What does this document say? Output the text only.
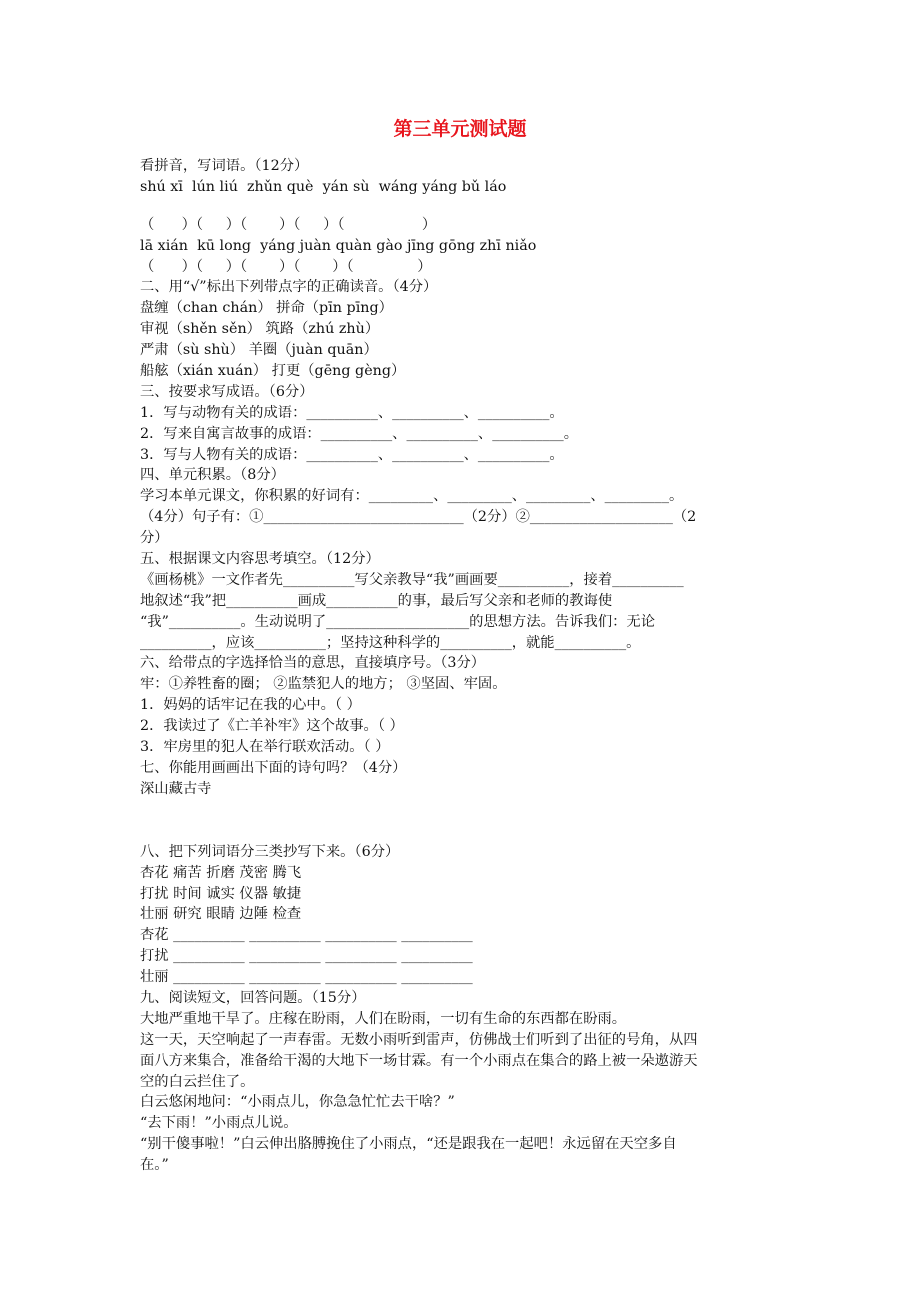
第三单元测试题
看拼音，写词语。（12分）
shú xī  lún liú  zhǔn què  yán sù  wáng yáng bǔ láo
（      ）（     ）（       ）（     ）（                 ）
lā xián  kū long  yáng juàn quàn gào jīng gōng zhī niǎo
（      ）（     ）（       ）（       ）（              ）
二、用“√”标出下列带点字的正确读音。（4分）
盘缠（chan chán） 拼命（pīn pīng）
审视（shěn sěn） 筑路（zhú zhù）
严肃（sù shù） 羊圈（juàn quān）
船舷（xián xuán） 打更（gēng gèng）
三、按要求写成语。（6分）
1．写与动物有关的成语：__________、__________、__________。
2．写来自寓言故事的成语：__________、__________、__________。
3．写与人物有关的成语：__________、__________、__________。
四、单元积累。（8分）
学习本单元课文，你积累的好词有：_________、_________、_________、_________。
（4分）句子有：①____________________________（2分）②____________________（2
分）
五、根据课文内容思考填空。（12分）
《画杨桃》一文作者先__________写父亲教导“我”画画要__________，接着__________
地叙述“我”把__________画成__________的事，最后写父亲和老师的教诲使
“我”__________。生动说明了____________________的思想方法。告诉我们：无论
__________，应该__________；坚持这种科学的__________，就能__________。
六、给带点的字选择恰当的意思，直接填序号。（3分）
牢：①养牲畜的圈； ②监禁犯人的地方； ③坚固、牢固。
1．妈妈的话牢记在我的心中。（ ）
2．我读过了《亡羊补牢》这个故事。（ ）
3．牢房里的犯人在举行联欢活动。（ ）
七、你能用画画出下面的诗句吗？（4分）
深山藏古寺
八、把下列词语分三类抄写下来。（6分）
杏花 痛苦 折磨 茂密 腾飞
打扰 时间 诚实 仪器 敏捷
壮丽 研究 眼睛 边陲 检查
杏花 __________ __________ __________ __________
打扰 __________ __________ __________ __________
壮丽 __________ __________ __________ __________
九、阅读短文，回答问题。（15分）
大地严重地干旱了。庄稼在盼雨，人们在盼雨，一切有生命的东西都在盼雨。
这一天，天空响起了一声春雷。无数小雨听到雷声，仿佛战士们听到了出征的号角，从四
面八方来集合，准备给干渴的大地下一场甘霖。有一个小雨点在集合的路上被一朵遨游天
空的白云拦住了。
白云悠闲地问：“小雨点儿，你急急忙忙去干啥？”
“去下雨！”小雨点儿说。
“别干傻事啦！”白云伸出胳膊挽住了小雨点，“还是跟我在一起吧！永远留在天空多自
在。”
